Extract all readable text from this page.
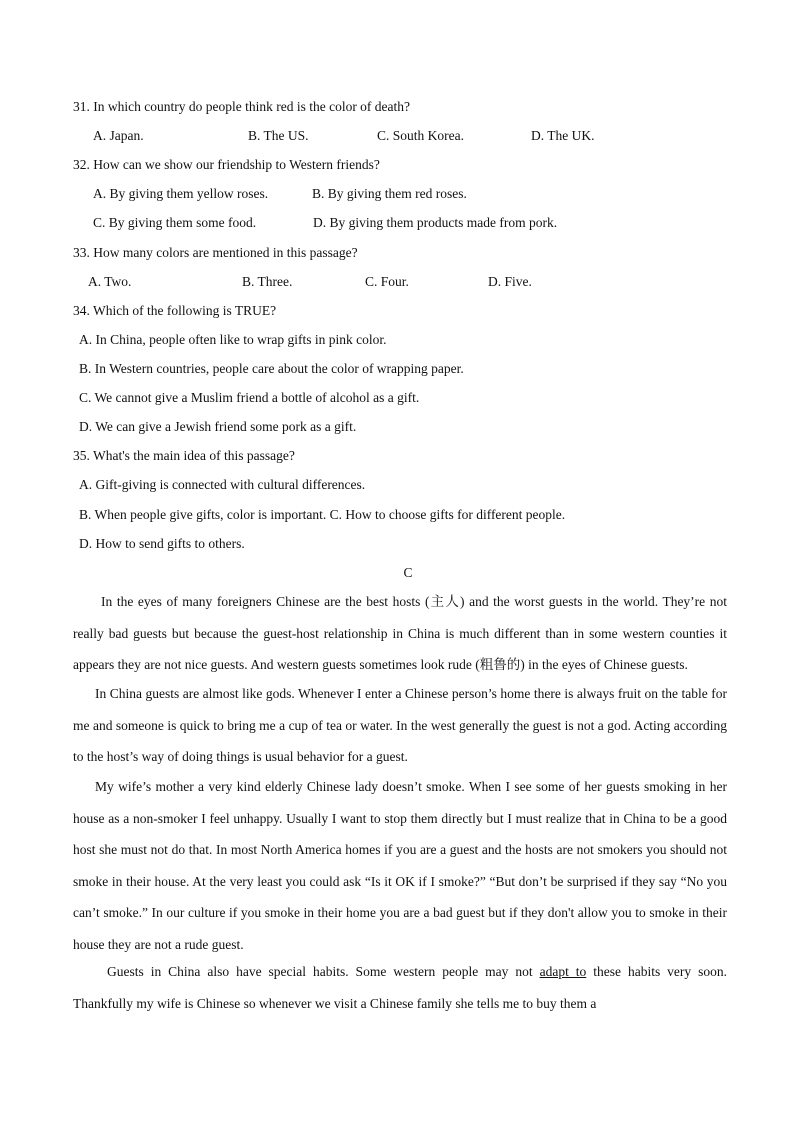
31. In which country do people think red is the color of death?
A. Japan.	B. The US.	C. South Korea.	D. The UK.
32. How can we show our friendship to Western friends?
A. By giving them yellow roses.	B. By giving them red roses.
C. By giving them some food.	D. By giving them products made from pork.
33. How many colors are mentioned in this passage?
A. Two.	B. Three.	C. Four.	D. Five.
34. Which of the following is TRUE?
A. In China, people often like to wrap gifts in pink color.
B. In Western countries, people care about the color of wrapping paper.
C. We cannot give a Muslim friend a bottle of alcohol as a gift.
D. We can give a Jewish friend some pork as a gift.
35. What's the main idea of this passage?
A. Gift-giving is connected with cultural differences.
B. When people give gifts, color is important. C. How to choose gifts for different people.
D. How to send gifts to others.
C
In the eyes of many foreigners Chinese are the best hosts (主人) and the worst guests in the world. They’re not really bad guests but because the guest-host relationship in China is much different than in some western counties it appears they are not nice guests. And western guests sometimes look rude (粗鲁的) in the eyes of Chinese guests.
In China guests are almost like gods. Whenever I enter a Chinese person’s home there is always fruit on the table for me and someone is quick to bring me a cup of tea or water. In the west generally the guest is not a god. Acting according to the host’s way of doing things is usual behavior for a guest.
My wife’s mother a very kind elderly Chinese lady doesn’t smoke. When I see some of her guests smoking in her house as a non-smoker I feel unhappy. Usually I want to stop them directly but I must realize that in China to be a good host she must not do that. In most North America homes if you are a guest and the hosts are not smokers you should not smoke in their house. At the very least you could ask “Is it OK if I smoke?” “But don’t be surprised if they say “No you can’t smoke.” In our culture if you smoke in their home you are a bad guest but if they don't allow you to smoke in their house they are not a rude guest.
Guests in China also have special habits. Some western people may not adapt to these habits very soon. Thankfully my wife is Chinese so whenever we visit a Chinese family she tells me to buy them a
